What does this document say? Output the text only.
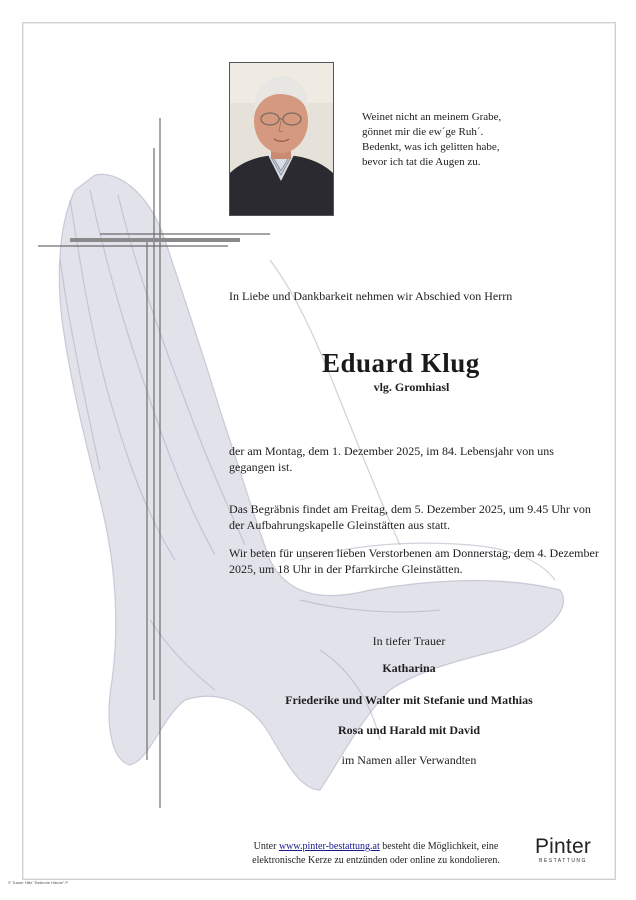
Weinet nicht an meinem Grabe,
gönnet mir die ew´ge Ruh´.
Bedenkt, was ich gelitten habe,
bevor ich tat die Augen zu.
In Liebe und Dankbarkeit nehmen wir Abschied von Herrn
Eduard Klug
vlg. Gromhiasl
der am Montag, dem 1. Dezember 2025, im 84. Lebensjahr von uns gegangen ist.
Das Begräbnis findet am Freitag, dem 5. Dezember 2025, um 9.45 Uhr von der Aufbahrungskapelle Gleinstätten aus statt.
Wir beten für unseren lieben Verstorbenen am Donnerstag, dem 4. Dezember 2025, um 18 Uhr in der Pfarrkirche Gleinstätten.
In tiefer Trauer
Katharina
Friederike und Walter mit Stefanie und Mathias
Rosa und Harald mit David
im Namen aller Verwandten
Unter www.pinter-bestattung.at besteht die Möglichkeit, eine
elektronische Kerze zu entzünden oder online zu kondolieren.
Pinter
BESTATTUNG
© Trauer Hille "Betende Hände" P
